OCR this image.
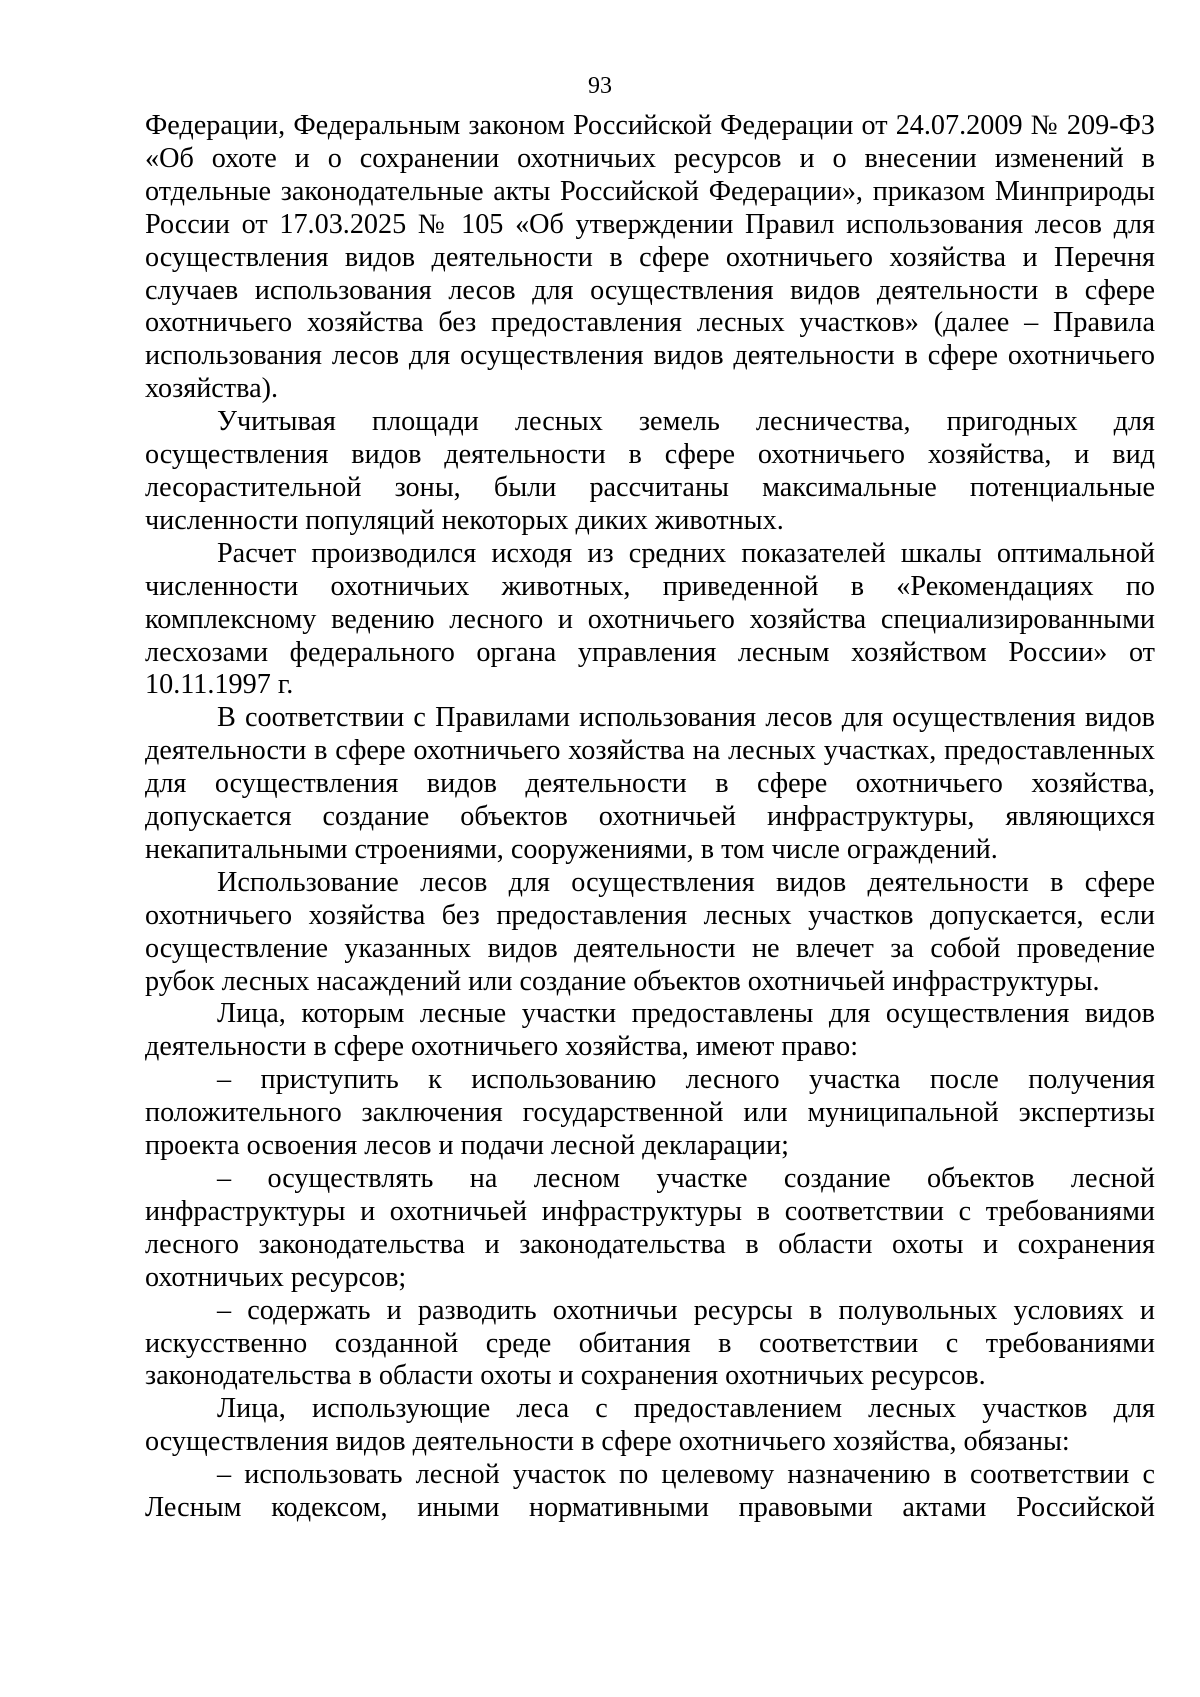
93

Федерации, Федеральным законом Российской Федерации от 24.07.2009 № 209-ФЗ «Об охоте и о сохранении охотничьих ресурсов и о внесении изменений в отдельные законодательные акты Российской Федерации», приказом Минприроды России от 17.03.2025 № 105 «Об утверждении Правил использования лесов для осуществления видов деятельности в сфере охотничьего хозяйства и Перечня случаев использования лесов для осуществления видов деятельности в сфере охотничьего хозяйства без предоставления лесных участков» (далее – Правила использования лесов для осуществления видов деятельности в сфере охотничьего хозяйства).

Учитывая площади лесных земель лесничества, пригодных для осуществления видов деятельности в сфере охотничьего хозяйства, и вид лесорастительной зоны, были рассчитаны максимальные потенциальные численности популяций некоторых диких животных.

Расчет производился исходя из средних показателей шкалы оптимальной численности охотничьих животных, приведенной в «Рекомендациях по комплексному ведению лесного и охотничьего хозяйства специализированными лесхозами федерального органа управления лесным хозяйством России» от 10.11.1997 г.

В соответствии с Правилами использования лесов для осуществления видов деятельности в сфере охотничьего хозяйства на лесных участках, предоставленных для осуществления видов деятельности в сфере охотничьего хозяйства, допускается создание объектов охотничьей инфраструктуры, являющихся некапитальными строениями, сооружениями, в том числе ограждений.

Использование лесов для осуществления видов деятельности в сфере охотничьего хозяйства без предоставления лесных участков допускается, если осуществление указанных видов деятельности не влечет за собой проведение рубок лесных насаждений или создание объектов охотничьей инфраструктуры.

Лица, которым лесные участки предоставлены для осуществления видов деятельности в сфере охотничьего хозяйства, имеют право:

– приступить к использованию лесного участка после получения положительного заключения государственной или муниципальной экспертизы проекта освоения лесов и подачи лесной декларации;

– осуществлять на лесном участке создание объектов лесной инфраструктуры и охотничьей инфраструктуры в соответствии с требованиями лесного законодательства и законодательства в области охоты и сохранения охотничьих ресурсов;

– содержать и разводить охотничьи ресурсы в полувольных условиях и искусственно созданной среде обитания в соответствии с требованиями законодательства в области охоты и сохранения охотничьих ресурсов.

Лица, использующие леса с предоставлением лесных участков для осуществления видов деятельности в сфере охотничьего хозяйства, обязаны:

– использовать лесной участок по целевому назначению в соответствии с Лесным кодексом, иными нормативными правовыми актами Российской
